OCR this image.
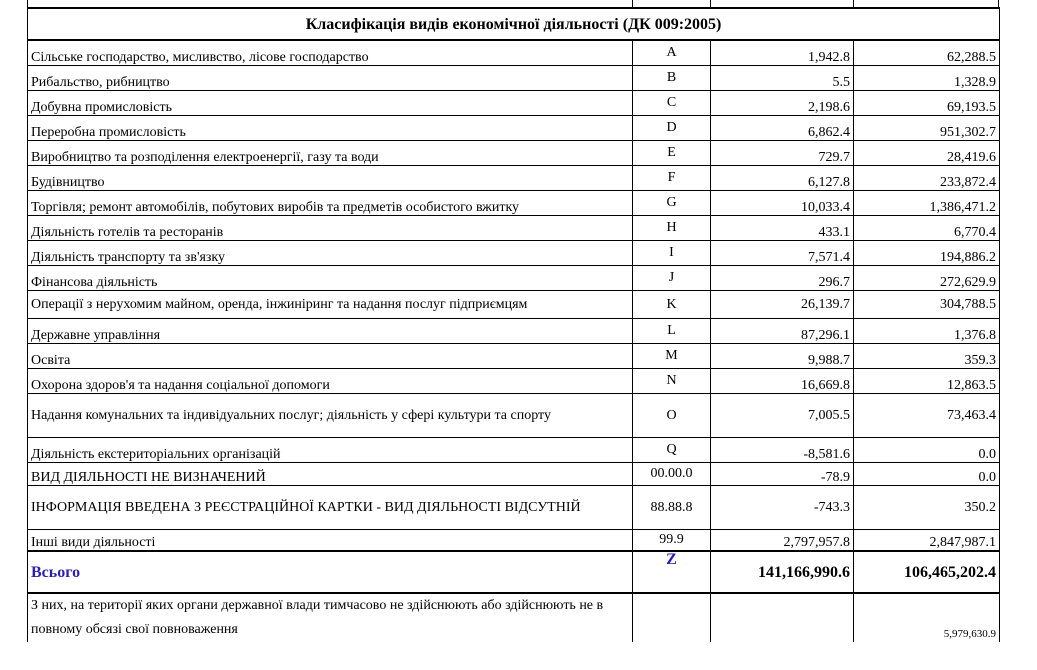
Класифікація видів економічної діяльності (ДК 009:2005)			
Сільське господарство, мисливство, лісове господарство	A	1,942.8	62,288.5
Рибальство, рибництво	B	5.5	1,328.9
Добувна промисловість	C	2,198.6	69,193.5
Переробна промисловість	D	6,862.4	951,302.7
Виробництво та розподілення електроенергії, газу та води	E	729.7	28,419.6
Будівництво	F	6,127.8	233,872.4
Торгівля; ремонт автомобілів, побутових виробів та предметів особистого вжитку	G	10,033.4	1,386,471.2
Діяльність готелів та ресторанів	H	433.1	6,770.4
Діяльність транспорту та зв'язку	I	7,571.4	194,886.2
Фінансова діяльність	J	296.7	272,629.9
Операції з нерухомим майном, оренда, інжиніринг та надання послуг підприємцям	K	26,139.7	304,788.5
Державне управління	L	87,296.1	1,376.8
Освіта	M	9,988.7	359.3
Охорона здоров'я та надання соціальної допомоги	N	16,669.8	12,863.5
Надання комунальних та індивідуальних послуг; діяльність у сфері культури та спорту	O	7,005.5	73,463.4
Діяльність екстериторіальних організацій	Q	-8,581.6	0.0
ВИД ДІЯЛЬНОСТІ НЕ ВИЗНАЧЕНИЙ	00.00.0	-78.9	0.0
ІНФОРМАЦІЯ ВВЕДЕНА З РЕЄСТРАЦІЙНОЇ КАРТКИ - ВИД ДІЯЛЬНОСТІ ВІДСУТНІЙ	88.88.8	-743.3	350.2
Інші види діяльності	99.9	2,797,957.8	2,847,987.1
Всього	Z	141,166,990.6	106,465,202.4
З них, на території яких органи державної влади тимчасово не здійснюють або здійснюють не в повному обсязі свої повноваження			5,979,630.9
